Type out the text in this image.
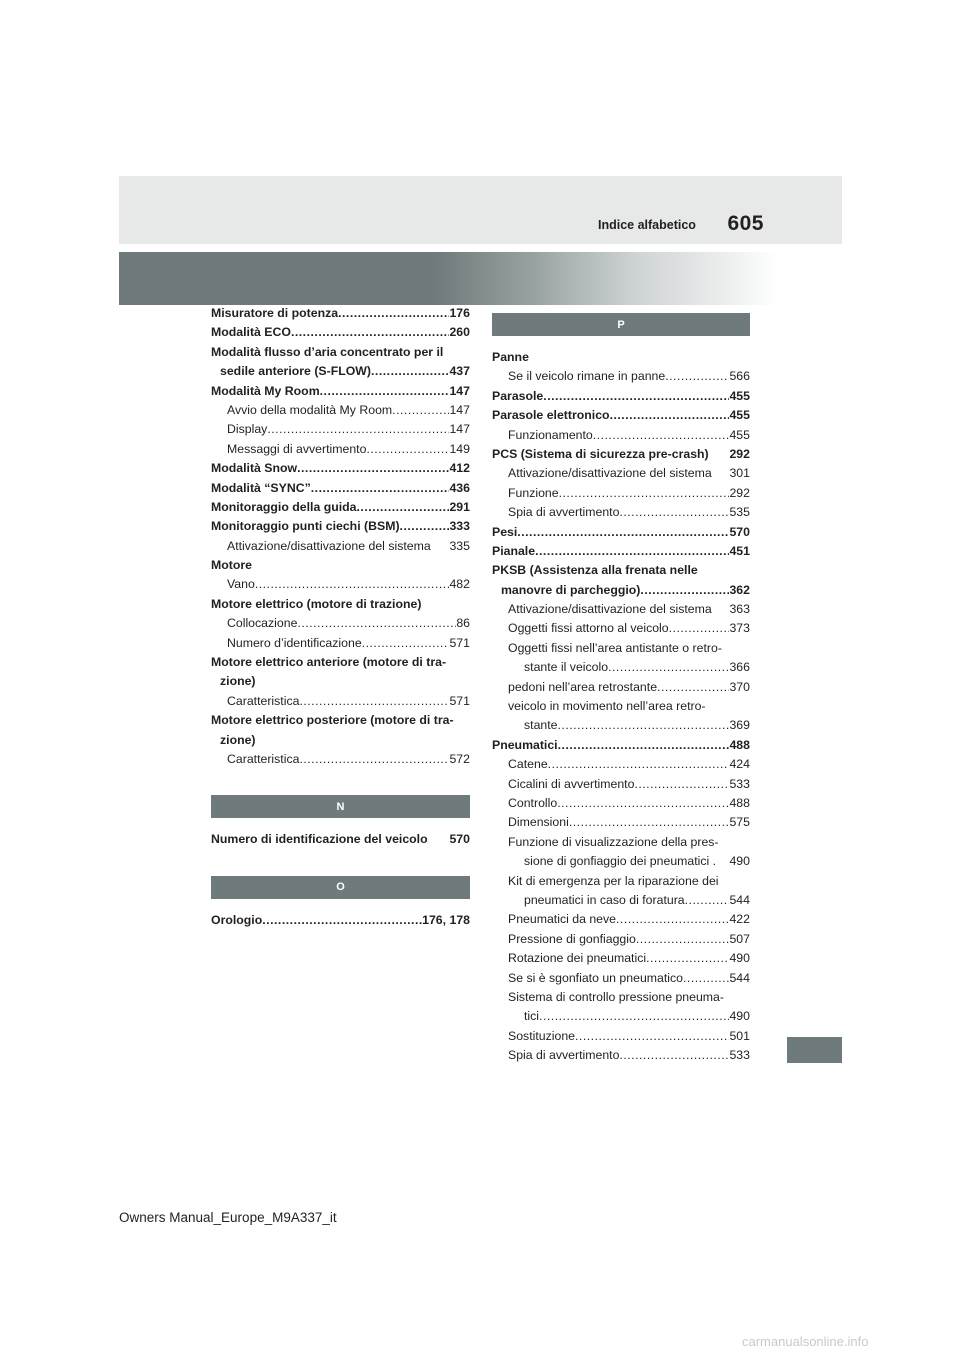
605
Indice alfabetico
Misuratore di potenza .....	176
Modalità ECO .....	260
Modalità flusso d’aria concentrato per il
sedile anteriore (S-FLOW) .....	437
Modalità My Room .....	147
Avvio della modalità My Room .....	147
Display .....	147
Messaggi di avvertimento .....	149
Modalità Snow .....	412
Modalità “SYNC” .....	436
Monitoraggio della guida .....	291
Monitoraggio punti ciechi (BSM) .....	333
Attivazione/disattivazione del sistema 335
Motore
Vano .....	482
Motore elettrico (motore di trazione)
Collocazione .....	86
Numero d’identificazione .....	571
Motore elettrico anteriore (motore di tra-
zione)
Caratteristica .....	571
Motore elettrico posteriore (motore di tra-
zione)
Caratteristica .....	572
N
Numero di identificazione del veicolo 570
O
Orologio .....	176, 178
P
Panne
Se il veicolo rimane in panne .....	566
Parasole .....	455
Parasole elettronico .....	455
Funzionamento .....	455
PCS (Sistema di sicurezza pre-crash) 292
Attivazione/disattivazione del sistema 301
Funzione .....	292
Spia di avvertimento .....	535
Pesi .....	570
Pianale .....	451
PKSB (Assistenza alla frenata nelle
manovre di parcheggio) .....	362
Attivazione/disattivazione del sistema 363
Oggetti fissi attorno al veicolo .....	373
Oggetti fissi nell’area antistante o retro-
stante il veicolo .....	366
pedoni nell’area retrostante .....	370
veicolo in movimento nell’area retro-
stante .....	369
Pneumatici .....	488
Catene .....	424
Cicalini di avvertimento .....	533
Controllo .....	488
Dimensioni .....	575
Funzione di visualizzazione della pres-
sione di gonfiaggio dei pneumatici . 490
Kit di emergenza per la riparazione dei
pneumatici in caso di foratura .....	544
Pneumatici da neve .....	422
Pressione di gonfiaggio .....	507
Rotazione dei pneumatici .....	490
Se si è sgonfiato un pneumatico .....	544
Sistema di controllo pressione pneuma-
tici .....	490
Sostituzione .....	501
Spia di avvertimento .....	533
Owners Manual_Europe_M9A337_it
carmanualsonline.info
